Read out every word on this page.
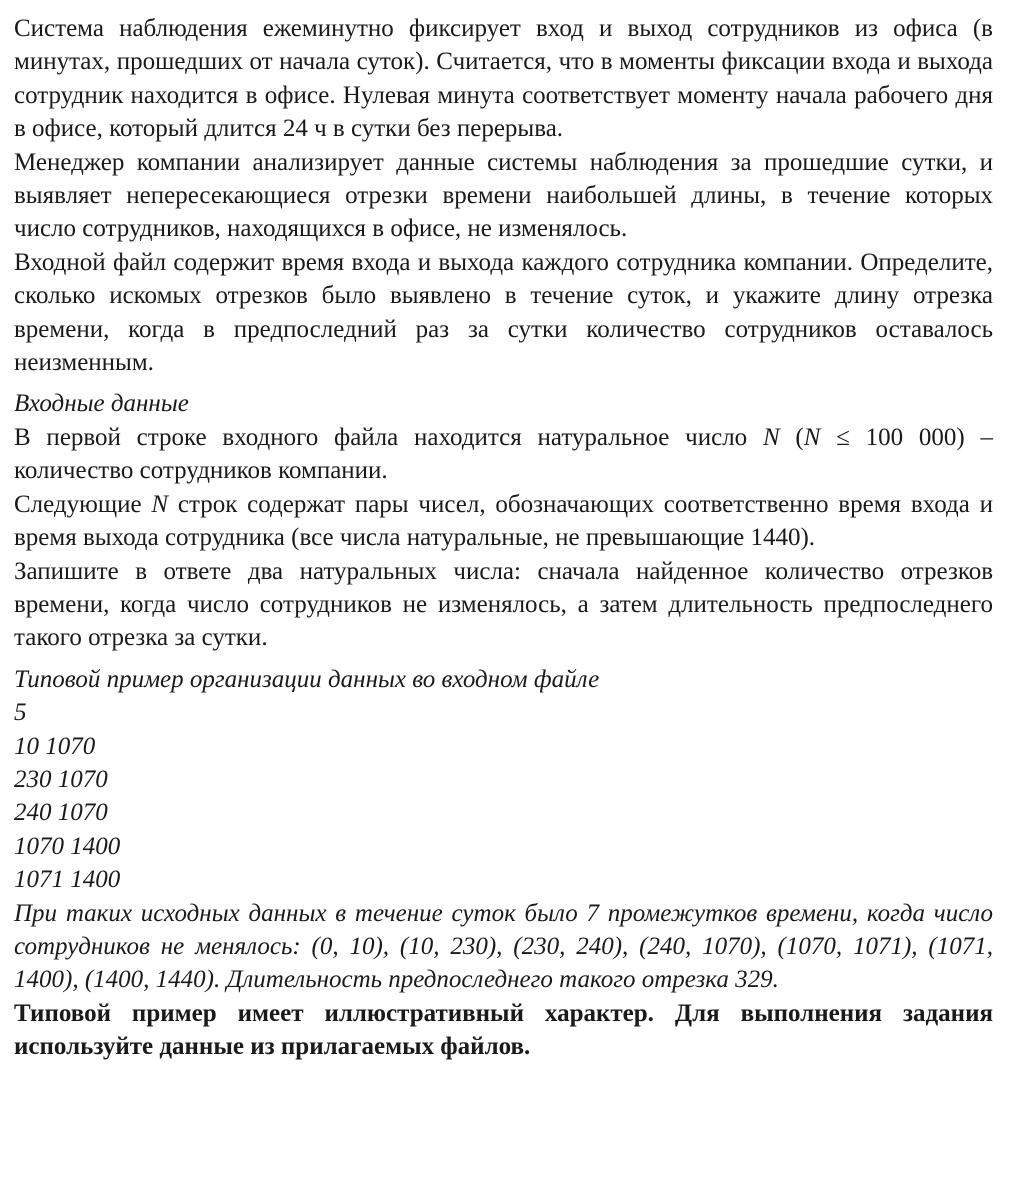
Система наблюдения ежеминутно фиксирует вход и выход сотрудников из офиса (в минутах, прошедших от начала суток). Считается, что в моменты фиксации входа и выхода сотрудник находится в офисе. Нулевая минута соответствует моменту начала рабочего дня в офисе, который длится 24 ч в сутки без перерыва.

Менеджер компании анализирует данные системы наблюдения за прошедшие сутки, и выявляет непересекающиеся отрезки времени наибольшей длины, в течение которых число сотрудников, находящихся в офисе, не изменялось.

Входной файл содержит время входа и выхода каждого сотрудника компании. Определите, сколько искомых отрезков было выявлено в течение суток, и укажите длину отрезка времени, когда в предпоследний раз за сутки количество сотрудников оставалось неизменным.

Входные данные

В первой строке входного файла находится натуральное число N (N ≤ 100 000) – количество сотрудников компании.

Следующие N строк содержат пары чисел, обозначающих соответственно время входа и время выхода сотрудника (все числа натуральные, не превышающие 1440).

Запишите в ответе два натуральных числа: сначала найденное количество отрезков времени, когда число сотрудников не изменялось, а затем длительность предпоследнего такого отрезка за сутки.

Типовой пример организации данных во входном файле

5
10 1070
230 1070
240 1070
1070 1400
1071 1400

При таких исходных данных в течение суток было 7 промежутков времени, когда число сотрудников не менялось: (0, 10), (10, 230), (230, 240), (240, 1070), (1070, 1071), (1071, 1400), (1400, 1440). Длительность предпоследнего такого отрезка 329.

Типовой пример имеет иллюстративный характер. Для выполнения задания используйте данные из прилагаемых файлов.
